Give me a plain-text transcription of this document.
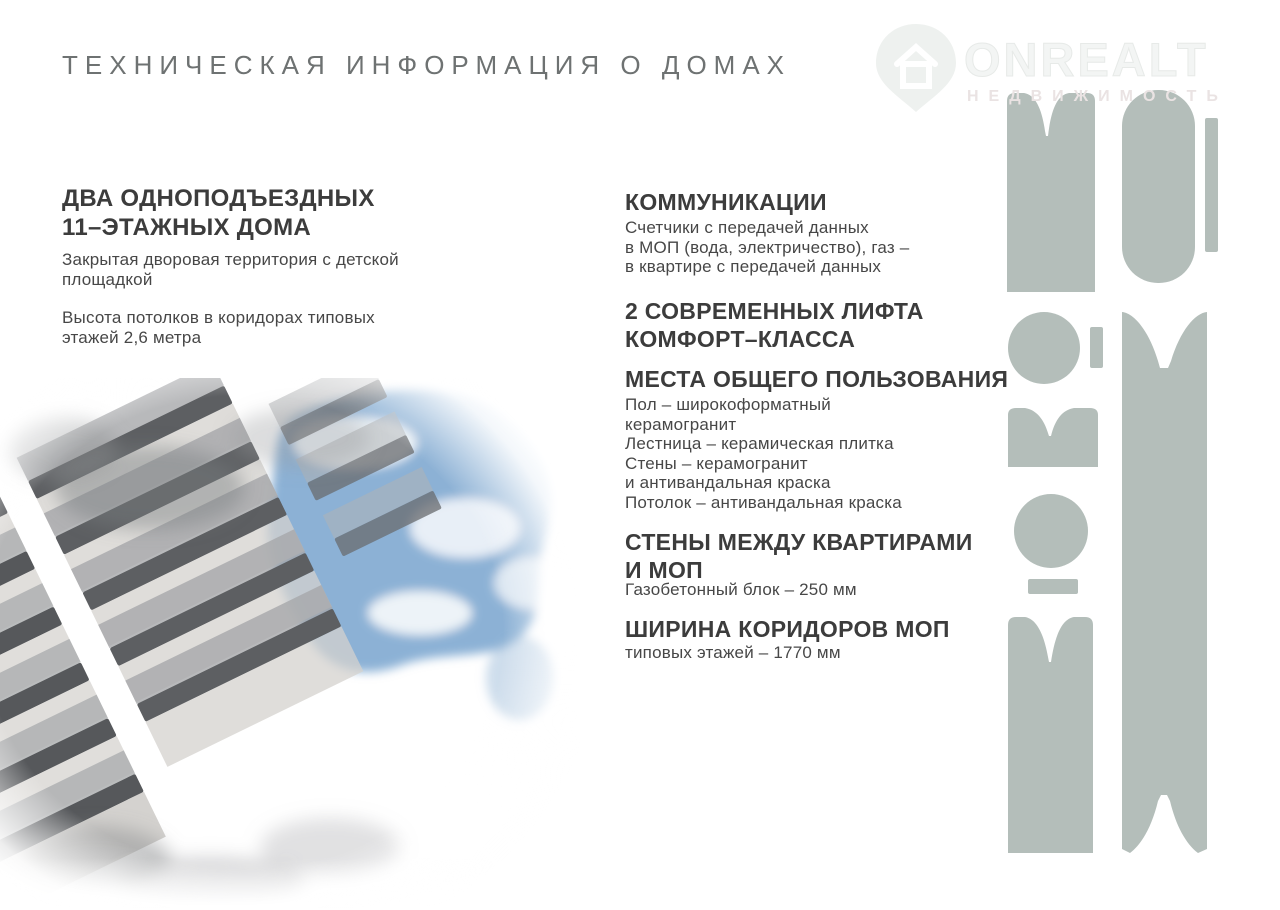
ONREALT
НЕДВИЖИМОСТЬ
ТЕХНИЧЕСКАЯ ИНФОРМАЦИЯ О ДОМАХ
ДВА ОДНОПОДЪЕЗДНЫХ
11–ЭТАЖНЫХ ДОМА
Закрытая дворовая территория с детской
площадкой
Высота потолков в коридорах типовых
этажей 2,6 метра
КОММУНИКАЦИИ
Счетчики с передачей данных
в МОП (вода, электричество), газ –
в квартире с передачей данных
2 СОВРЕМЕННЫХ ЛИФТА
КОМФОРТ–КЛАССА
МЕСТА ОБЩЕГО ПОЛЬЗОВАНИЯ
Пол – широкоформатный
керамогранит
Лестница – керамическая плитка
Стены – керамогранит
и антивандальная краска
Потолок – антивандальная краска
СТЕНЫ МЕЖДУ КВАРТИРАМИ
И МОП
Газобетонный блок – 250 мм
ШИРИНА КОРИДОРОВ МОП
типовых этажей – 1770 мм
